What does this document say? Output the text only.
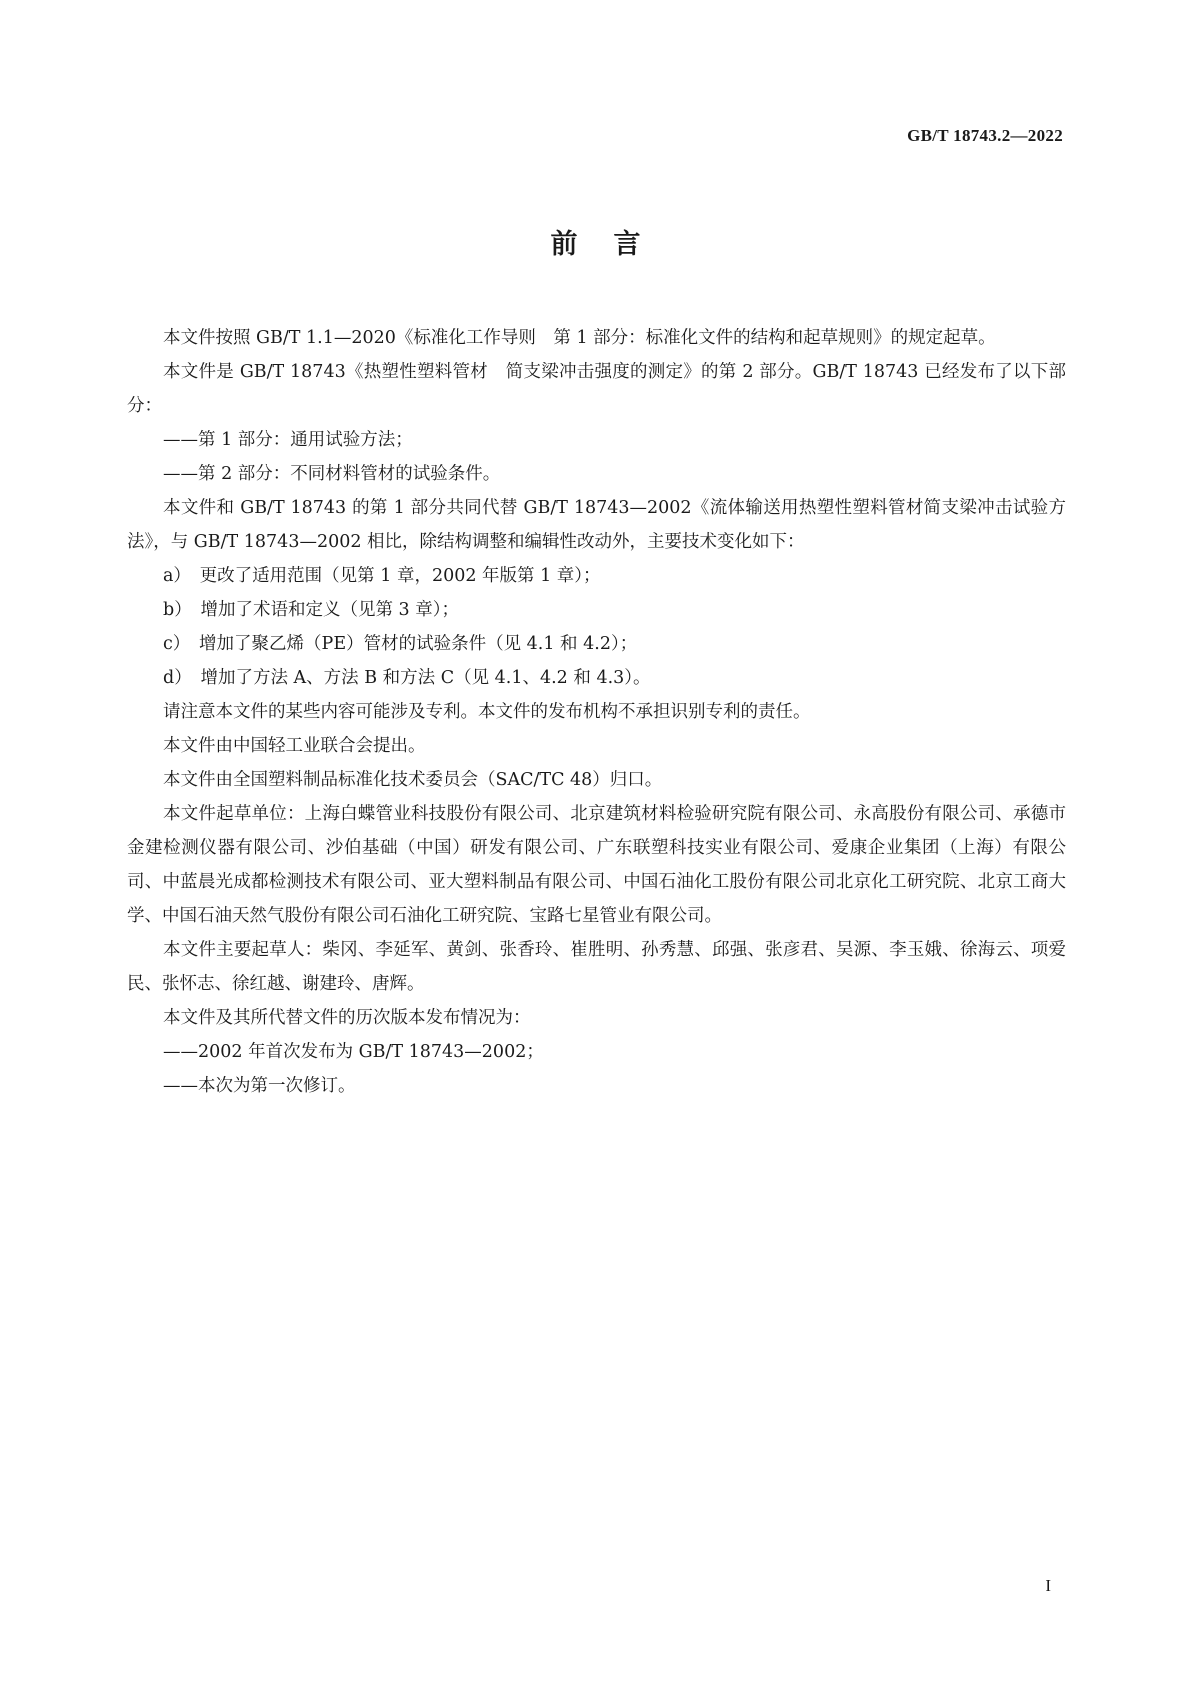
GB/T 18743.2—2022
前言

本文件按照 GB/T 1.1—2020《标准化工作导则　第 1 部分：标准化文件的结构和起草规则》的规定起草。

本文件是 GB/T 18743《热塑性塑料管材　简支梁冲击强度的测定》的第 2 部分。GB/T 18743 已经发布了以下部分：

——第 1 部分：通用试验方法；

——第 2 部分：不同材料管材的试验条件。

本文件和 GB/T 18743 的第 1 部分共同代替 GB/T 18743—2002《流体输送用热塑性塑料管材简支梁冲击试验方法》，与 GB/T 18743—2002 相比，除结构调整和编辑性改动外，主要技术变化如下：

a）　更改了适用范围（见第 1 章，2002 年版第 1 章）；

b）　增加了术语和定义（见第 3 章）；

c）　增加了聚乙烯（PE）管材的试验条件（见 4.1 和 4.2）；

d）　增加了方法 A、方法 B 和方法 C（见 4.1、4.2 和 4.3）。

请注意本文件的某些内容可能涉及专利。本文件的发布机构不承担识别专利的责任。

本文件由中国轻工业联合会提出。

本文件由全国塑料制品标准化技术委员会（SAC/TC 48）归口。

本文件起草单位：上海白蝶管业科技股份有限公司、北京建筑材料检验研究院有限公司、永高股份有限公司、承德市金建检测仪器有限公司、沙伯基础（中国）研发有限公司、广东联塑科技实业有限公司、爱康企业集团（上海）有限公司、中蓝晨光成都检测技术有限公司、亚大塑料制品有限公司、中国石油化工股份有限公司北京化工研究院、北京工商大学、中国石油天然气股份有限公司石油化工研究院、宝路七星管业有限公司。

本文件主要起草人：柴冈、李延军、黄剑、张香玲、崔胜明、孙秀慧、邱强、张彦君、吴源、李玉娥、徐海云、项爱民、张怀志、徐红越、谢建玲、唐辉。

本文件及其所代替文件的历次版本发布情况为：

——2002 年首次发布为 GB/T 18743—2002；

——本次为第一次修订。

I
